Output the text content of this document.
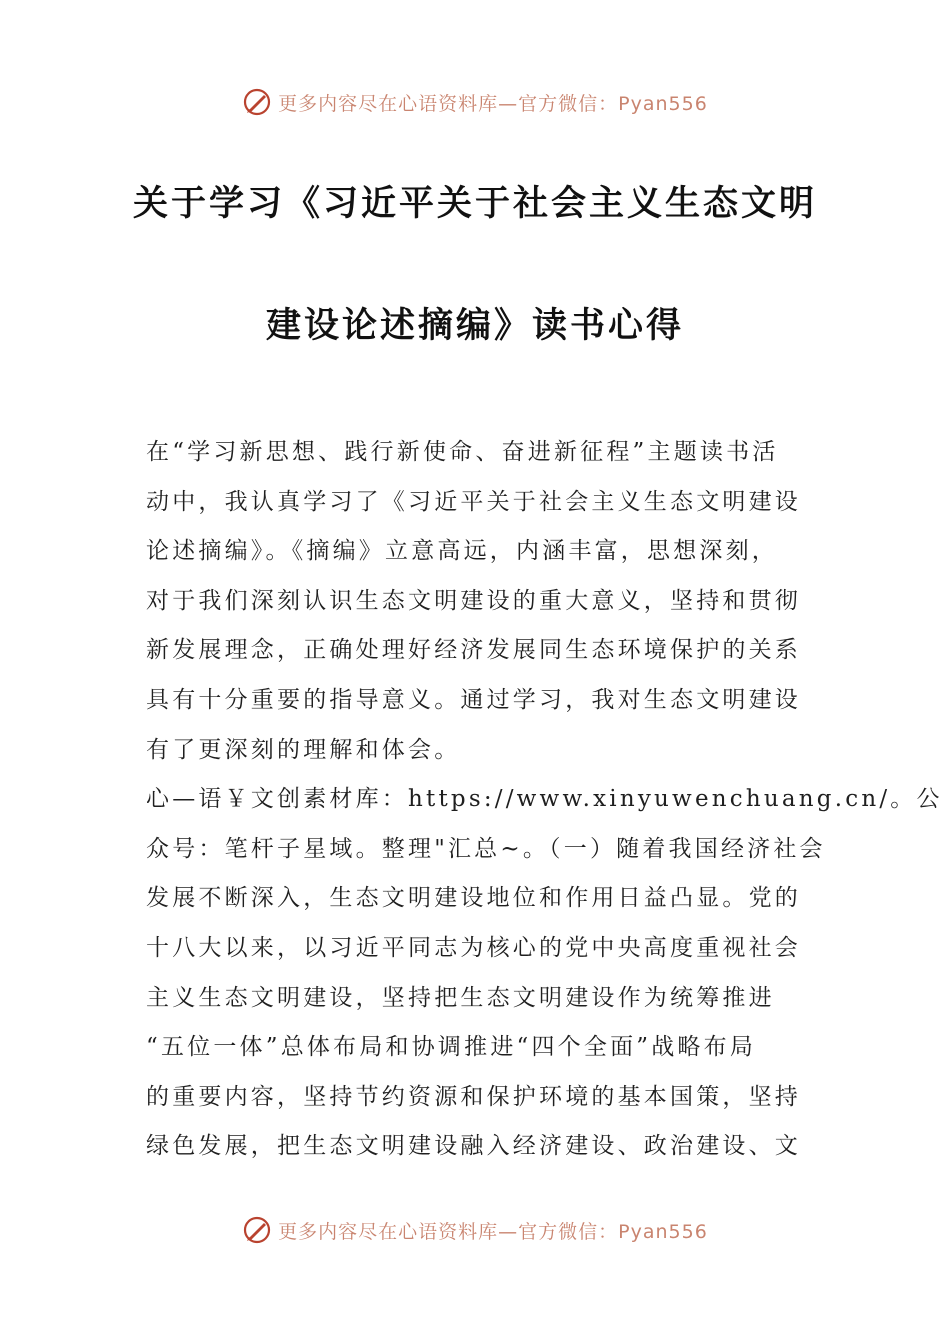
更多内容尽在心语资料库—官方微信：Pyan556
关于学习《习近平关于社会主义生态文明
建设论述摘编》读书心得
在“学习新思想、践行新使命、奋进新征程”主题读书活
动中，我认真学习了《习近平关于社会主义生态文明建设
论述摘编》。《摘编》立意高远，内涵丰富，思想深刻，
对于我们深刻认识生态文明建设的重大意义，坚持和贯彻
新发展理念，正确处理好经济发展同生态环境保护的关系
具有十分重要的指导意义。通过学习，我对生态文明建设
有了更深刻的理解和体会。
心—语￥文创素材库：https://www.xinyuwenchuang.cn/。公
众号：笔杆子星域。整理"汇总~。（一）随着我国经济社会
发展不断深入，生态文明建设地位和作用日益凸显。党的
十八大以来，以习近平同志为核心的党中央高度重视社会
主义生态文明建设，坚持把生态文明建设作为统筹推进
“五位一体”总体布局和协调推进“四个全面”战略布局
的重要内容，坚持节约资源和保护环境的基本国策，坚持
绿色发展，把生态文明建设融入经济建设、政治建设、文
更多内容尽在心语资料库—官方微信：Pyan556
